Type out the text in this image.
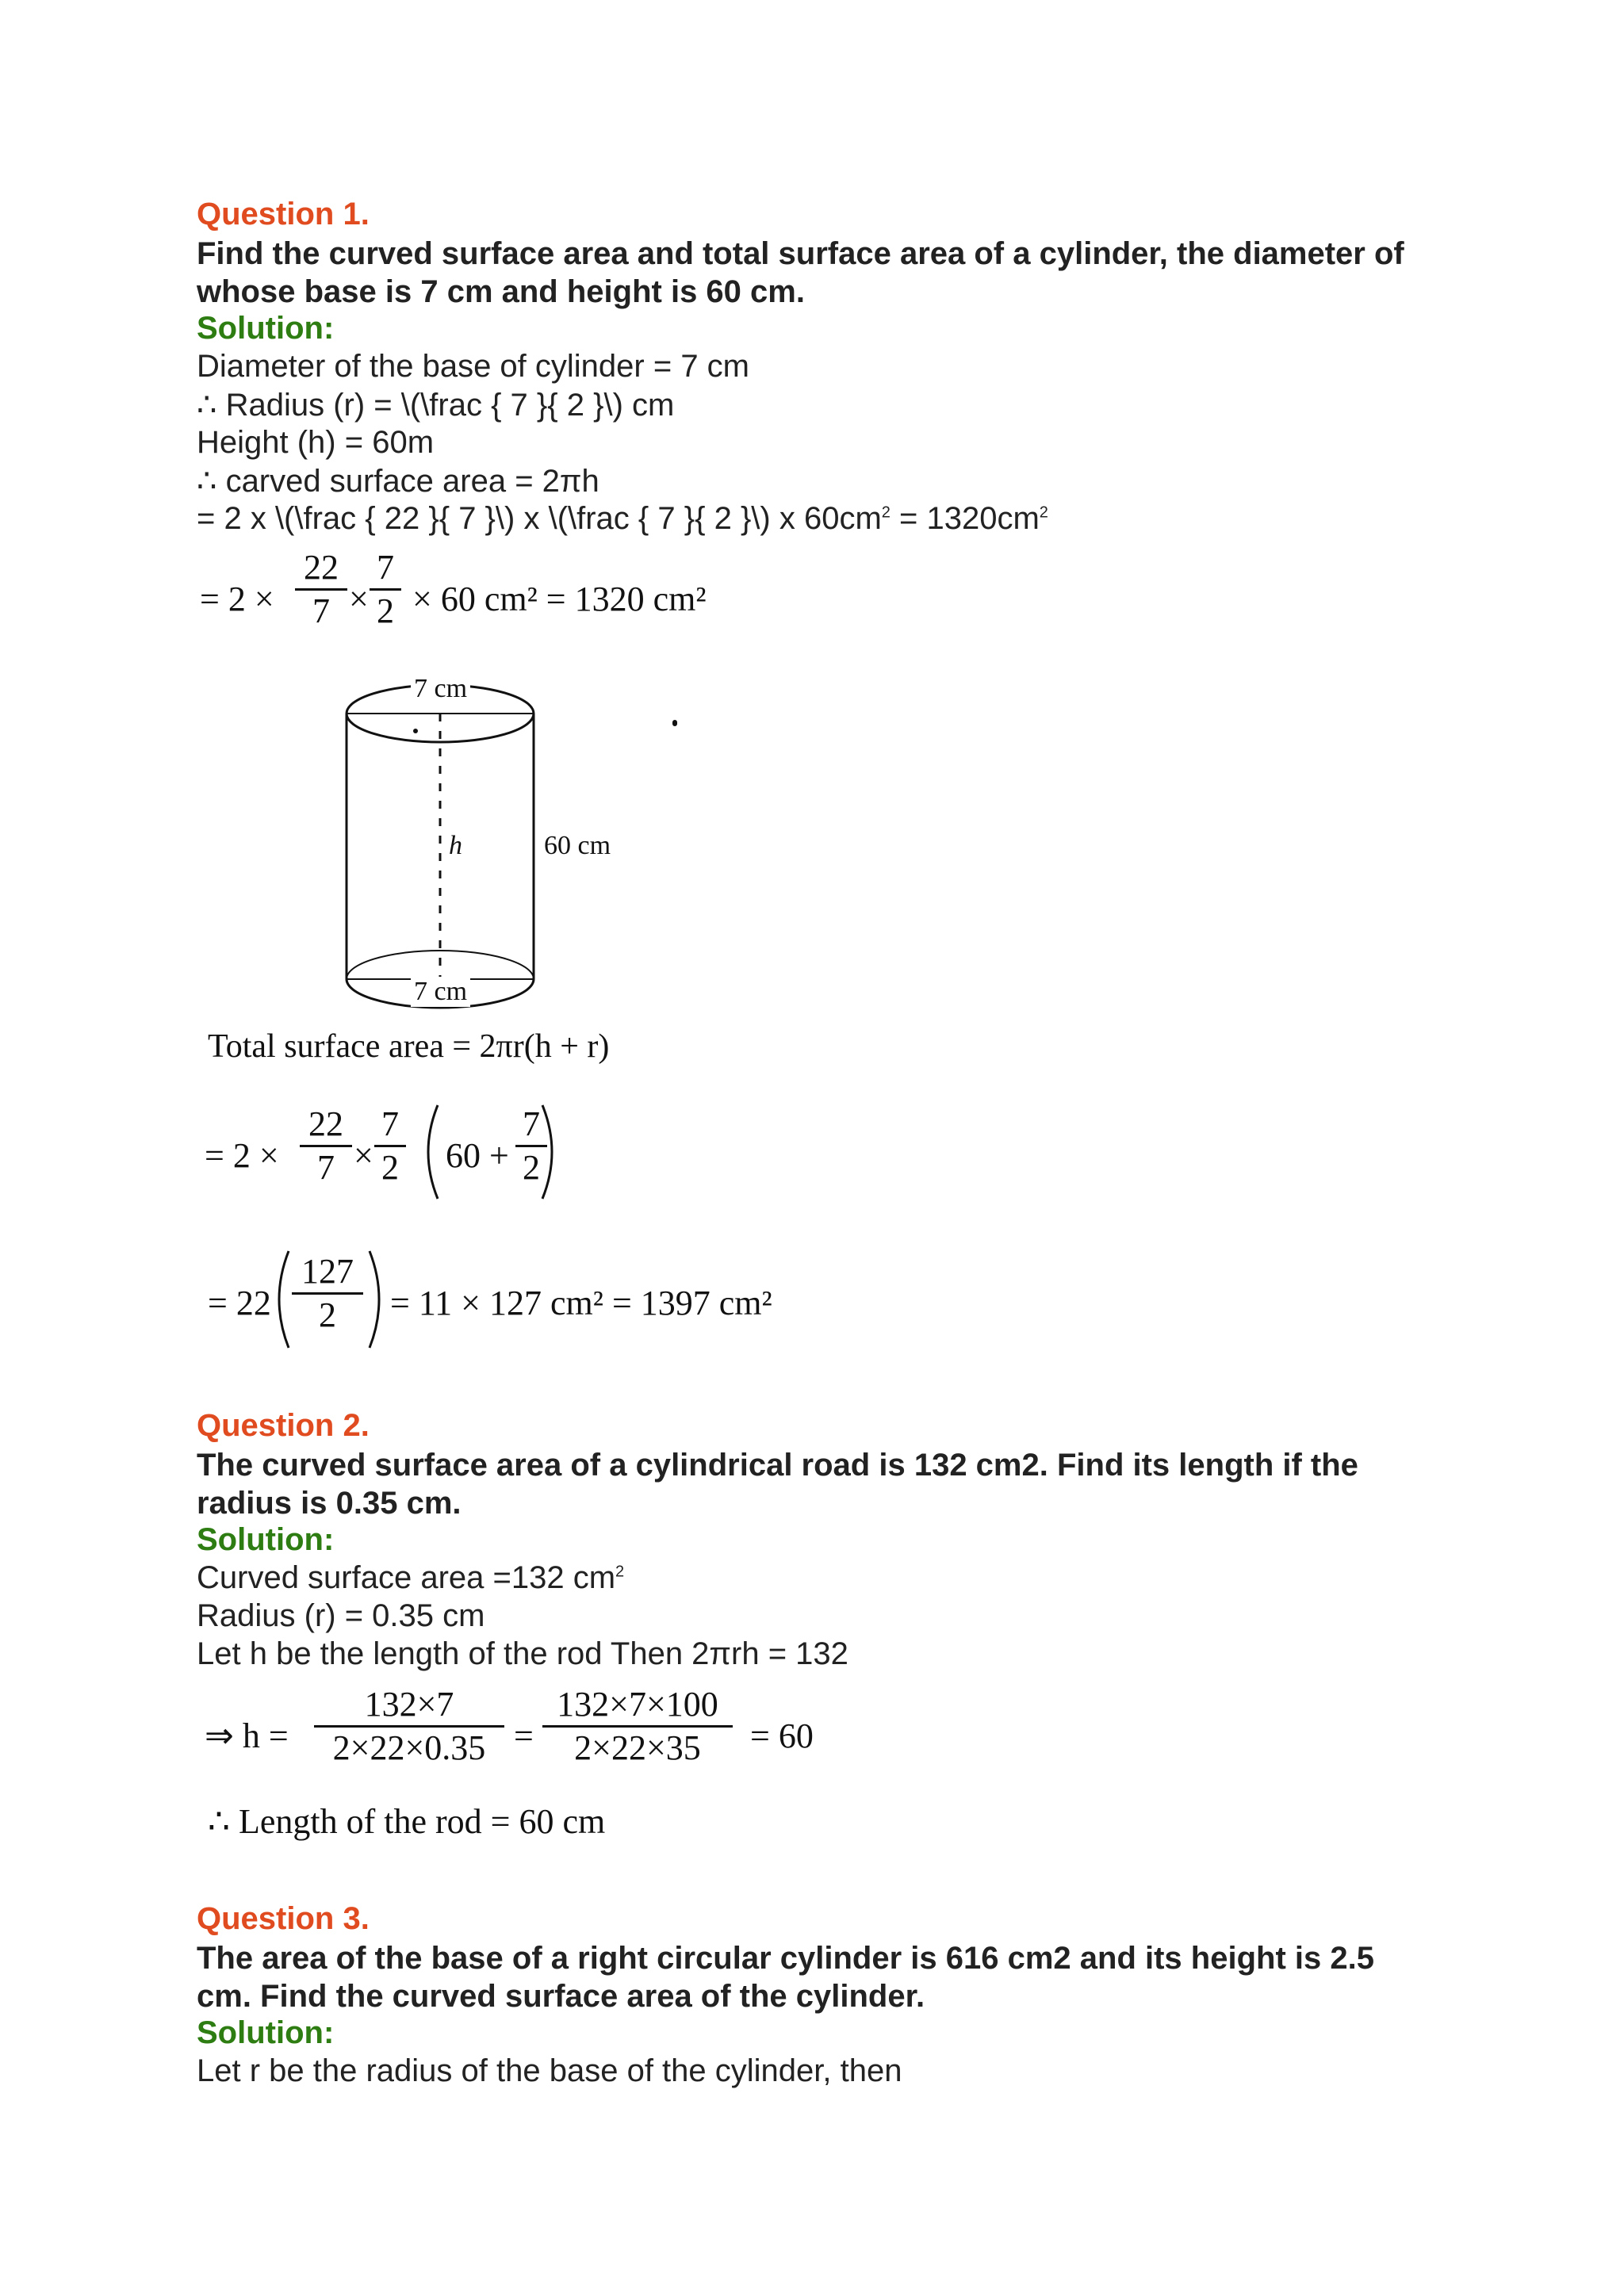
Question 1.
Find the curved surface area and total surface area of a cylinder, the diameter of whose base is 7 cm and height is 60 cm.
Solution:
Diameter of the base of cylinder = 7 cm
∴ Radius (r) = \(\frac { 7 }{ 2 }\) cm
Height (h) = 60m
∴ carved surface area = 2πh
= 2 x \(\frac { 22 }{ 7 }\) x \(\frac { 7 }{ 2 }\) x $60cm^2 = 1320cm^2$
= $2 \times \frac{22}{7} \times \frac{7}{2} \times 60$ cm² = 1320 cm²
7 cm
7 cm
h	60 cm
Total surface area = 2πr(h + r)
= $2 \times \frac{22}{7} \times \frac{7}{2} 60 + \frac{7}{2}$
= $22 \frac{127}{2} = 11 \times 127$ cm² = 1397 cm²
Question 2.
The curved surface area of a cylindrical road is 132 cm2. Find its length if the radius is 0.35 cm.
Solution:
Curved surface area =132 $cm^2$
Radius (r) = 0.35 cm
Let h be the length of the rod Then 2πrh = 132
⇒ $h = \frac{132\times 7}{2\times 22\times 0.35} = \frac{132\times 7\times 100}{2\times 22\times 35} = 60$
∴ Length of the rod = 60 cm
Question 3.
The area of the base of a right circular cylinder is 616 cm2 and its height is 2.5 cm. Find the curved surface area of the cylinder.
Solution:
Let r be the radius of the base of the cylinder, then
